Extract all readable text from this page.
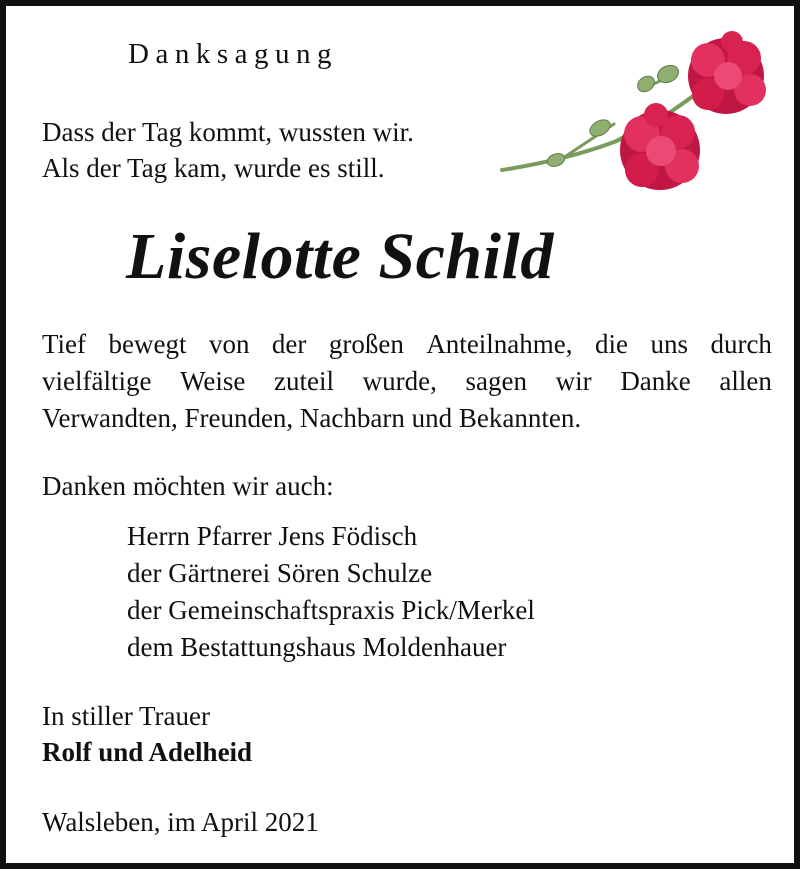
Danksagung
Dass der Tag kommt, wussten wir.
Als der Tag kam, wurde es still.
Liselotte Schild
Tief bewegt von der großen Anteilnahme, die uns durch
vielfältige Weise zuteil wurde, sagen wir Danke allen
Verwandten, Freunden, Nachbarn und Bekannten.
Danken möchten wir auch:
Herrn Pfarrer Jens Födisch
der Gärtnerei Sören Schulze
der Gemeinschaftspraxis Pick/Merkel
dem Bestattungshaus Moldenhauer
In stiller Trauer
Rolf und Adelheid
Walsleben, im April 2021
